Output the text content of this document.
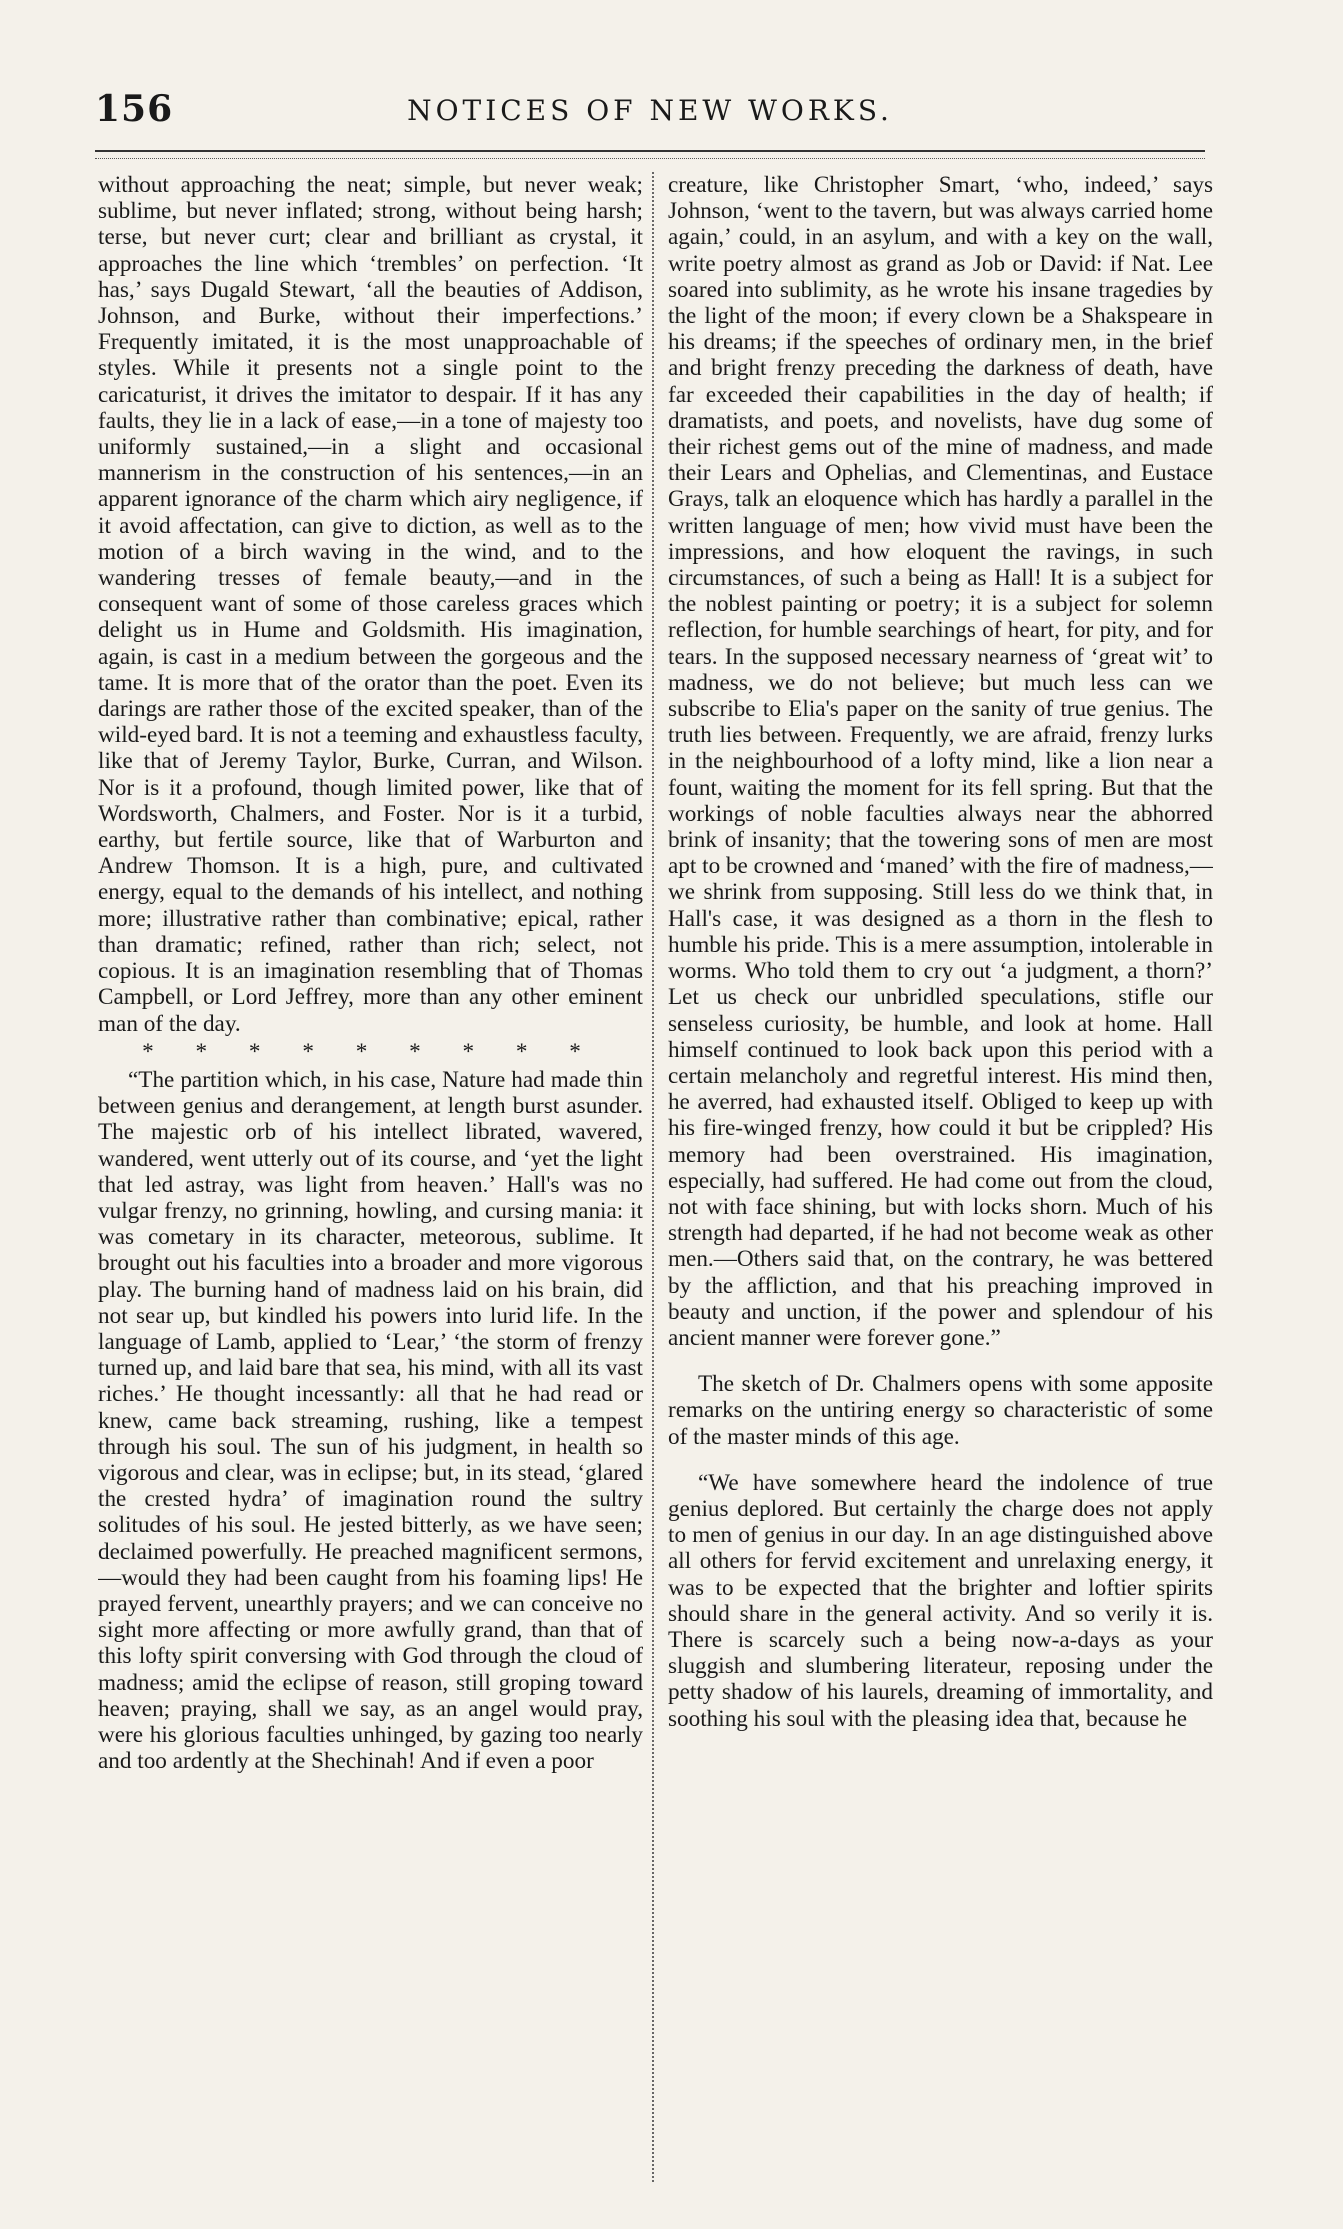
156	NOTICES OF NEW WORKS.

without approaching the neat; simple, but never weak; sublime, but never inflated; strong, without being harsh; terse, but never curt; clear and brilliant as crystal, it approaches the line which ‘trembles’ on perfection. ‘It has,’ says Dugald Stewart, ‘all the beauties of Addison, Johnson, and Burke, without their imperfections.’ Frequently imitated, it is the most unapproachable of styles. While it presents not a single point to the caricaturist, it drives the imitator to despair. If it has any faults, they lie in a lack of ease,—in a tone of majesty too uniformly sustained,—in a slight and occasional mannerism in the construction of his sentences,—in an apparent ignorance of the charm which airy negligence, if it avoid affectation, can give to diction, as well as to the motion of a birch waving in the wind, and to the wandering tresses of female beauty,—and in the consequent want of some of those careless graces which delight us in Hume and Goldsmith. His imagination, again, is cast in a medium between the gorgeous and the tame. It is more that of the orator than the poet. Even its darings are rather those of the excited speaker, than of the wild-eyed bard. It is not a teeming and exhaustless faculty, like that of Jeremy Taylor, Burke, Curran, and Wilson. Nor is it a profound, though limited power, like that of Wordsworth, Chalmers, and Foster. Nor is it a turbid, earthy, but fertile source, like that of Warburton and Andrew Thomson. It is a high, pure, and cultivated energy, equal to the demands of his intellect, and nothing more; illustrative rather than combinative; epical, rather than dramatic; refined, rather than rich; select, not copious. It is an imagination resembling that of Thomas Campbell, or Lord Jeffrey, more than any other eminent man of the day.

* * * * * * * * *

“The partition which, in his case, Nature had made thin between genius and derangement, at length burst asunder. The majestic orb of his intellect librated, wavered, wandered, went utterly out of its course, and ‘yet the light that led astray, was light from heaven.’ Hall's was no vulgar frenzy, no grinning, howling, and cursing mania: it was cometary in its character, meteorous, sublime. It brought out his faculties into a broader and more vigorous play. The burning hand of madness laid on his brain, did not sear up, but kindled his powers into lurid life. In the language of Lamb, applied to ‘Lear,’ ‘the storm of frenzy turned up, and laid bare that sea, his mind, with all its vast riches.’ He thought incessantly: all that he had read or knew, came back streaming, rushing, like a tempest through his soul. The sun of his judgment, in health so vigorous and clear, was in eclipse; but, in its stead, ‘glared the crested hydra’ of imagination round the sultry solitudes of his soul. He jested bitterly, as we have seen; declaimed powerfully. He preached magnificent sermons,—would they had been caught from his foaming lips! He prayed fervent, unearthly prayers; and we can conceive no sight more affecting or more awfully grand, than that of this lofty spirit conversing with God through the cloud of madness; amid the eclipse of reason, still groping toward heaven; praying, shall we say, as an angel would pray, were his glorious faculties unhinged, by gazing too nearly and too ardently at the Shechinah! And if even a poor

creature, like Christopher Smart, ‘who, indeed,’ says Johnson, ‘went to the tavern, but was always carried home again,’ could, in an asylum, and with a key on the wall, write poetry almost as grand as Job or David: if Nat. Lee soared into sublimity, as he wrote his insane tragedies by the light of the moon; if every clown be a Shakspeare in his dreams; if the speeches of ordinary men, in the brief and bright frenzy preceding the darkness of death, have far exceeded their capabilities in the day of health; if dramatists, and poets, and novelists, have dug some of their richest gems out of the mine of madness, and made their Lears and Ophelias, and Clementinas, and Eustace Grays, talk an eloquence which has hardly a parallel in the written language of men; how vivid must have been the impressions, and how eloquent the ravings, in such circumstances, of such a being as Hall! It is a subject for the noblest painting or poetry; it is a subject for solemn reflection, for humble searchings of heart, for pity, and for tears. In the supposed necessary nearness of ‘great wit’ to madness, we do not believe; but much less can we subscribe to Elia's paper on the sanity of true genius. The truth lies between. Frequently, we are afraid, frenzy lurks in the neighbourhood of a lofty mind, like a lion near a fount, waiting the moment for its fell spring. But that the workings of noble faculties always near the abhorred brink of insanity; that the towering sons of men are most apt to be crowned and ‘maned’ with the fire of madness,—we shrink from supposing. Still less do we think that, in Hall's case, it was designed as a thorn in the flesh to humble his pride. This is a mere assumption, intolerable in worms. Who told them to cry out ‘a judgment, a thorn?’ Let us check our unbridled speculations, stifle our senseless curiosity, be humble, and look at home. Hall himself continued to look back upon this period with a certain melancholy and regretful interest. His mind then, he averred, had exhausted itself. Obliged to keep up with his fire-winged frenzy, how could it but be crippled? His memory had been overstrained. His imagination, especially, had suffered. He had come out from the cloud, not with face shining, but with locks shorn. Much of his strength had departed, if he had not become weak as other men.—Others said that, on the contrary, he was bettered by the affliction, and that his preaching improved in beauty and unction, if the power and splendour of his ancient manner were forever gone.”

The sketch of Dr. Chalmers opens with some apposite remarks on the untiring energy so characteristic of some of the master minds of this age.

“We have somewhere heard the indolence of true genius deplored. But certainly the charge does not apply to men of genius in our day. In an age distinguished above all others for fervid excitement and unrelaxing energy, it was to be expected that the brighter and loftier spirits should share in the general activity. And so verily it is. There is scarcely such a being now-a-days as your sluggish and slumbering literateur, reposing under the petty shadow of his laurels, dreaming of immortality, and soothing his soul with the pleasing idea that, because he
